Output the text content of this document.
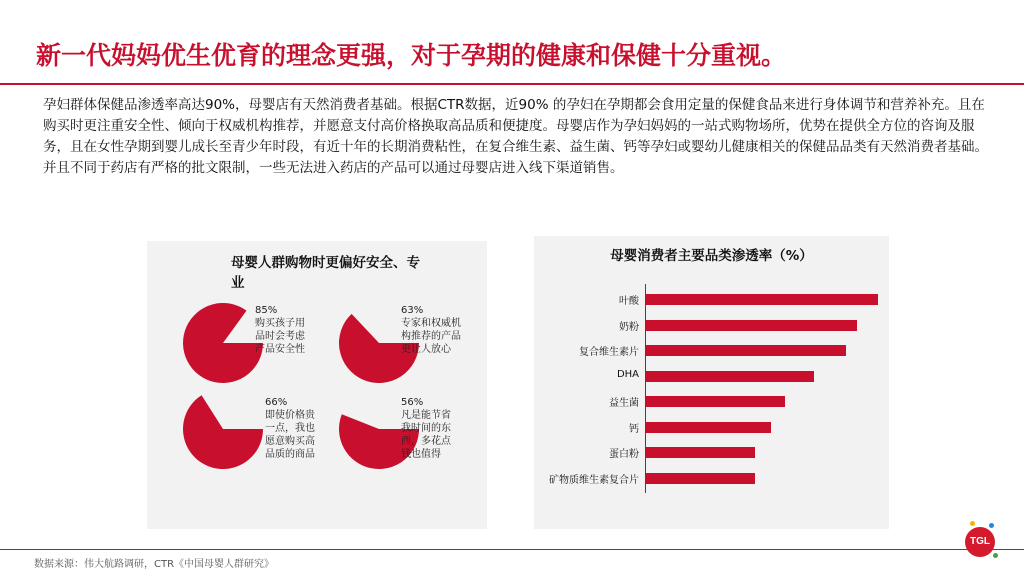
新一代妈妈优生优育的理念更强，对于孕期的健康和保健十分重视。
孕妇群体保健品渗透率高达90%，母婴店有天然消费者基础。根据CTR数据，近90% 的孕妇在孕期都会食用定量的保健食品来进行身体调节和营养补充。且在购买时更注重安全性、倾向于权威机构推荐，并愿意支付高价格换取高品质和便捷度。母婴店作为孕妇妈妈的一站式购物场所，优势在提供全方位的咨询及服务，且在女性孕期到婴儿成长至青少年时段，有近十年的长期消费粘性，在复合维生素、益生菌、钙等孕妇或婴幼儿健康相关的保健品品类有天然消费者基础。并且不同于药店有严格的批文限制，一些无法进入药店的产品可以通过母婴店进入线下渠道销售。
母婴人群购物时更偏好安全、专业
85%
购买孩子用品时会考虑产品安全性
63%
专家和权威机构推荐的产品更让人放心
66%
即使价格贵一点，我也愿意购买高品质的商品
56%
凡是能节省我时间的东西，多花点钱也值得
母婴消费者主要品类渗透率（%）
叶酸
奶粉
复合维生素片
DHA
益生菌
钙
蛋白粉
矿物质维生素复合片
数据来源：伟大航路调研，CTR《中国母婴人群研究》
TGL
